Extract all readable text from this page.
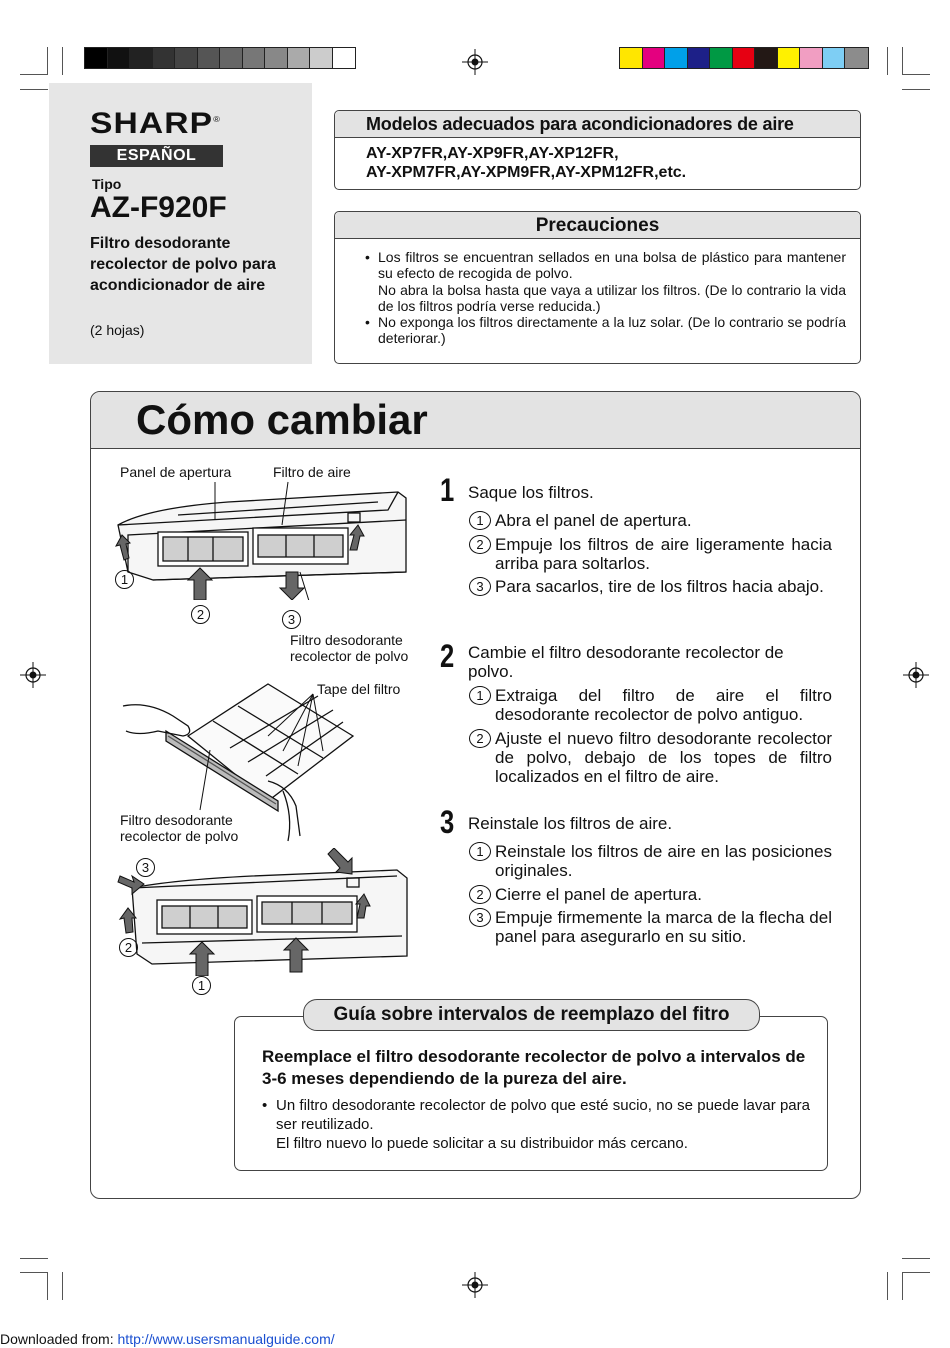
SHARP®
ESPAÑOL
Tipo
AZ-F920F
Filtro desodorante recolector de polvo para acondicionador de aire
(2 hojas)
Modelos adecuados para acondicionadores de aire
AY-XP7FR,AY-XP9FR,AY-XP12FR,
AY-XPM7FR,AY-XPM9FR,AY-XPM12FR,etc.
Precauciones
• Los filtros se encuentran sellados en una bolsa de plástico para mantener su efecto de recogida de polvo.
No abra la bolsa hasta que vaya a utilizar los filtros. (De lo contrario la vida de los filtros podría verse reducida.)
• No exponga los filtros directamente a la luz solar. (De lo contrario se podría deteriorar.)
Cómo cambiar
Panel de apertura	Filtro de aire
1
2	3
Filtro desodorante recolector de polvo
Tape del filtro
Filtro desodorante recolector de polvo
3
2
1
1 Saque los filtros.
1 Abra el panel de apertura.
2 Empuje los filtros de aire ligeramente hacia arriba para soltarlos.
3 Para sacarlos, tire de los filtros hacia abajo.
2 Cambie el filtro desodorante recolector de polvo.
1 Extraiga del filtro de aire el filtro desodorante recolector de polvo antiguo.
2 Ajuste el nuevo filtro desodorante recolector de polvo, debajo de los topes de filtro localizados en el filtro de aire.
3 Reinstale los filtros de aire.
1 Reinstale los filtros de aire en las posiciones originales.
2 Cierre el panel de apertura.
3 Empuje firmemente la marca de la flecha del panel para asegurarlo en su sitio.
Guía sobre intervalos de reemplazo del fitro
Reemplace el filtro desodorante recolector de polvo a intervalos de 3-6 meses dependiendo de la pureza del aire.
• Un filtro desodorante recolector de polvo que esté sucio, no se puede lavar para ser reutilizado.
El filtro nuevo lo puede solicitar a su distribuidor más cercano.
Downloaded from: http://www.usersmanualguide.com/
